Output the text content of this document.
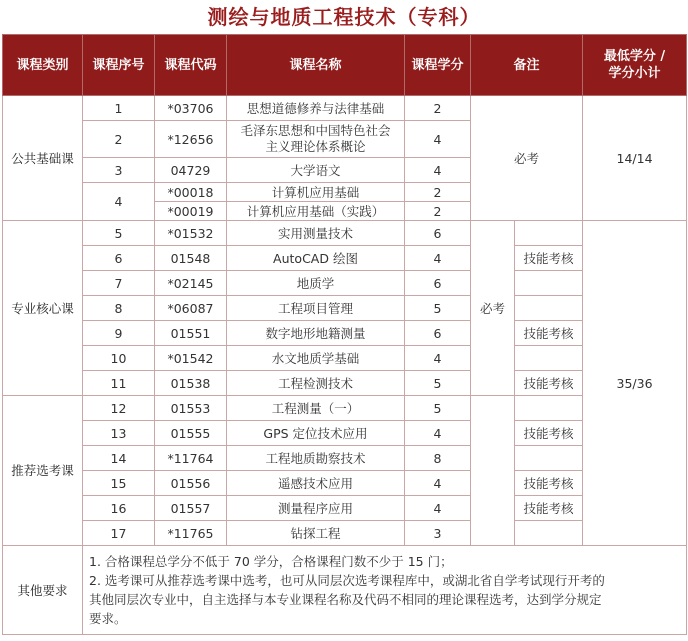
测绘与地质工程技术（专科）
课程类别	课程序号	课程代码	课程名称	课程学分	备注		最低学分 /
学分小计

公共基础课	1	*03706	思想道德修养与法律基础	2	必考		14/14
	2	*12656	毛泽东思想和中国特色社会
主义理论体系概论	4			
	3	04729	大学语文	4			
	4	*00018	计算机应用基础	2			
		*00019	计算机应用基础（实践）	2			
专业核心课	5	*01532	实用测量技术	6	必考		35/36
	6	01548	AutoCAD 绘图	4		技能考核	
	7	*02145	地质学	6			
	8	*06087	工程项目管理	5			
	9	01551	数字地形地籍测量	6		技能考核	
	10	*01542	水文地质学基础	4			
	11	01538	工程检测技术	5		技能考核	
推荐选考课	12	01553	工程测量（一）	5			
	13	01555	GPS 定位技术应用	4		技能考核	
	14	*11764	工程地质勘察技术	8			
	15	01556	遥感技术应用	4		技能考核	
	16	01557	测量程序应用	4		技能考核	
	17	*11765	钻探工程	3			
其他要求	1. 合格课程总学分不低于 70 学分，合格课程门数不少于 15 门；
2. 选考课可从推荐选考课中选考，也可从同层次选考课程库中，或湖北省自学考试现行开考的
其他同层次专业中，自主选择与本专业课程名称及代码不相同的理论课程选考，达到学分规定
要求。						
